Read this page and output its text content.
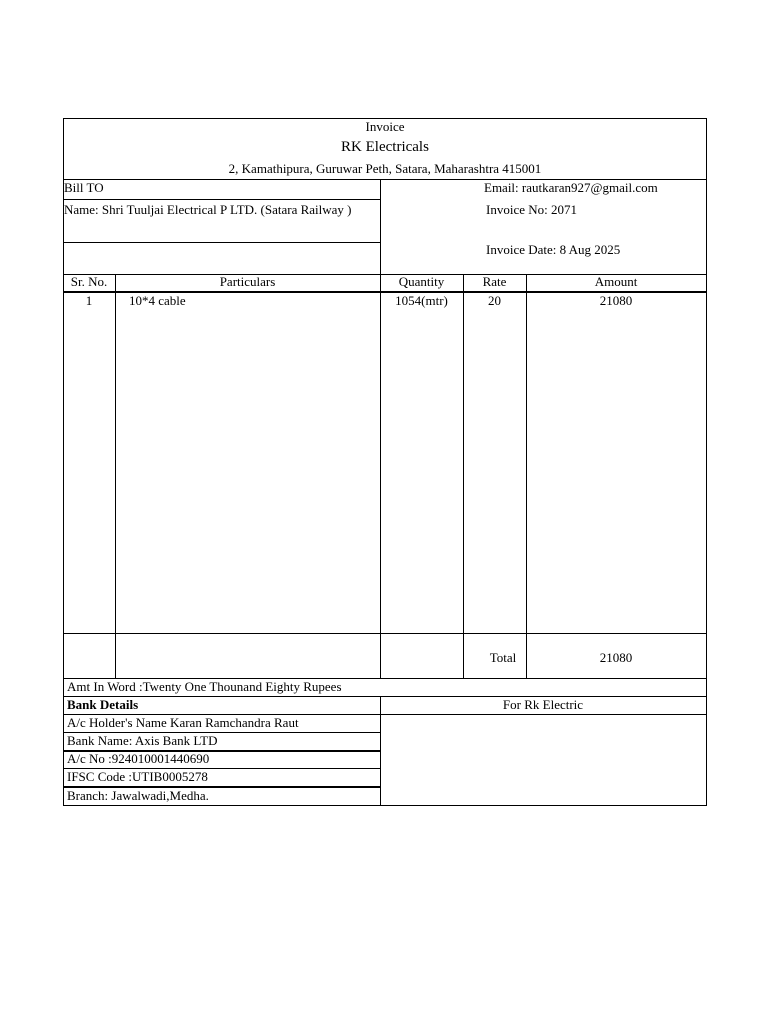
Invoice
RK Electricals
2, Kamathipura, Guruwar Peth, Satara, Maharashtra 415001
Bill TO
Name: Shri Tuuljai Electrical P LTD. (Satara Railway )
Email: rautkaran927@gmail.com
Invoice No: 2071
Invoice Date: 8 Aug 2025
Sr. No.	Particulars	Quantity	Rate	Amount
1	10*4 cable	1054(mtr)	20	21080
Total	21080
Amt In Word :Twenty One Thounand Eighty Rupees
Bank Details
A/c Holder's Name Karan Ramchandra Raut
Bank Name: Axis Bank LTD
A/c No :924010001440690
IFSC Code :UTIB0005278
Branch: Jawalwadi,Medha.
For Rk Electric
